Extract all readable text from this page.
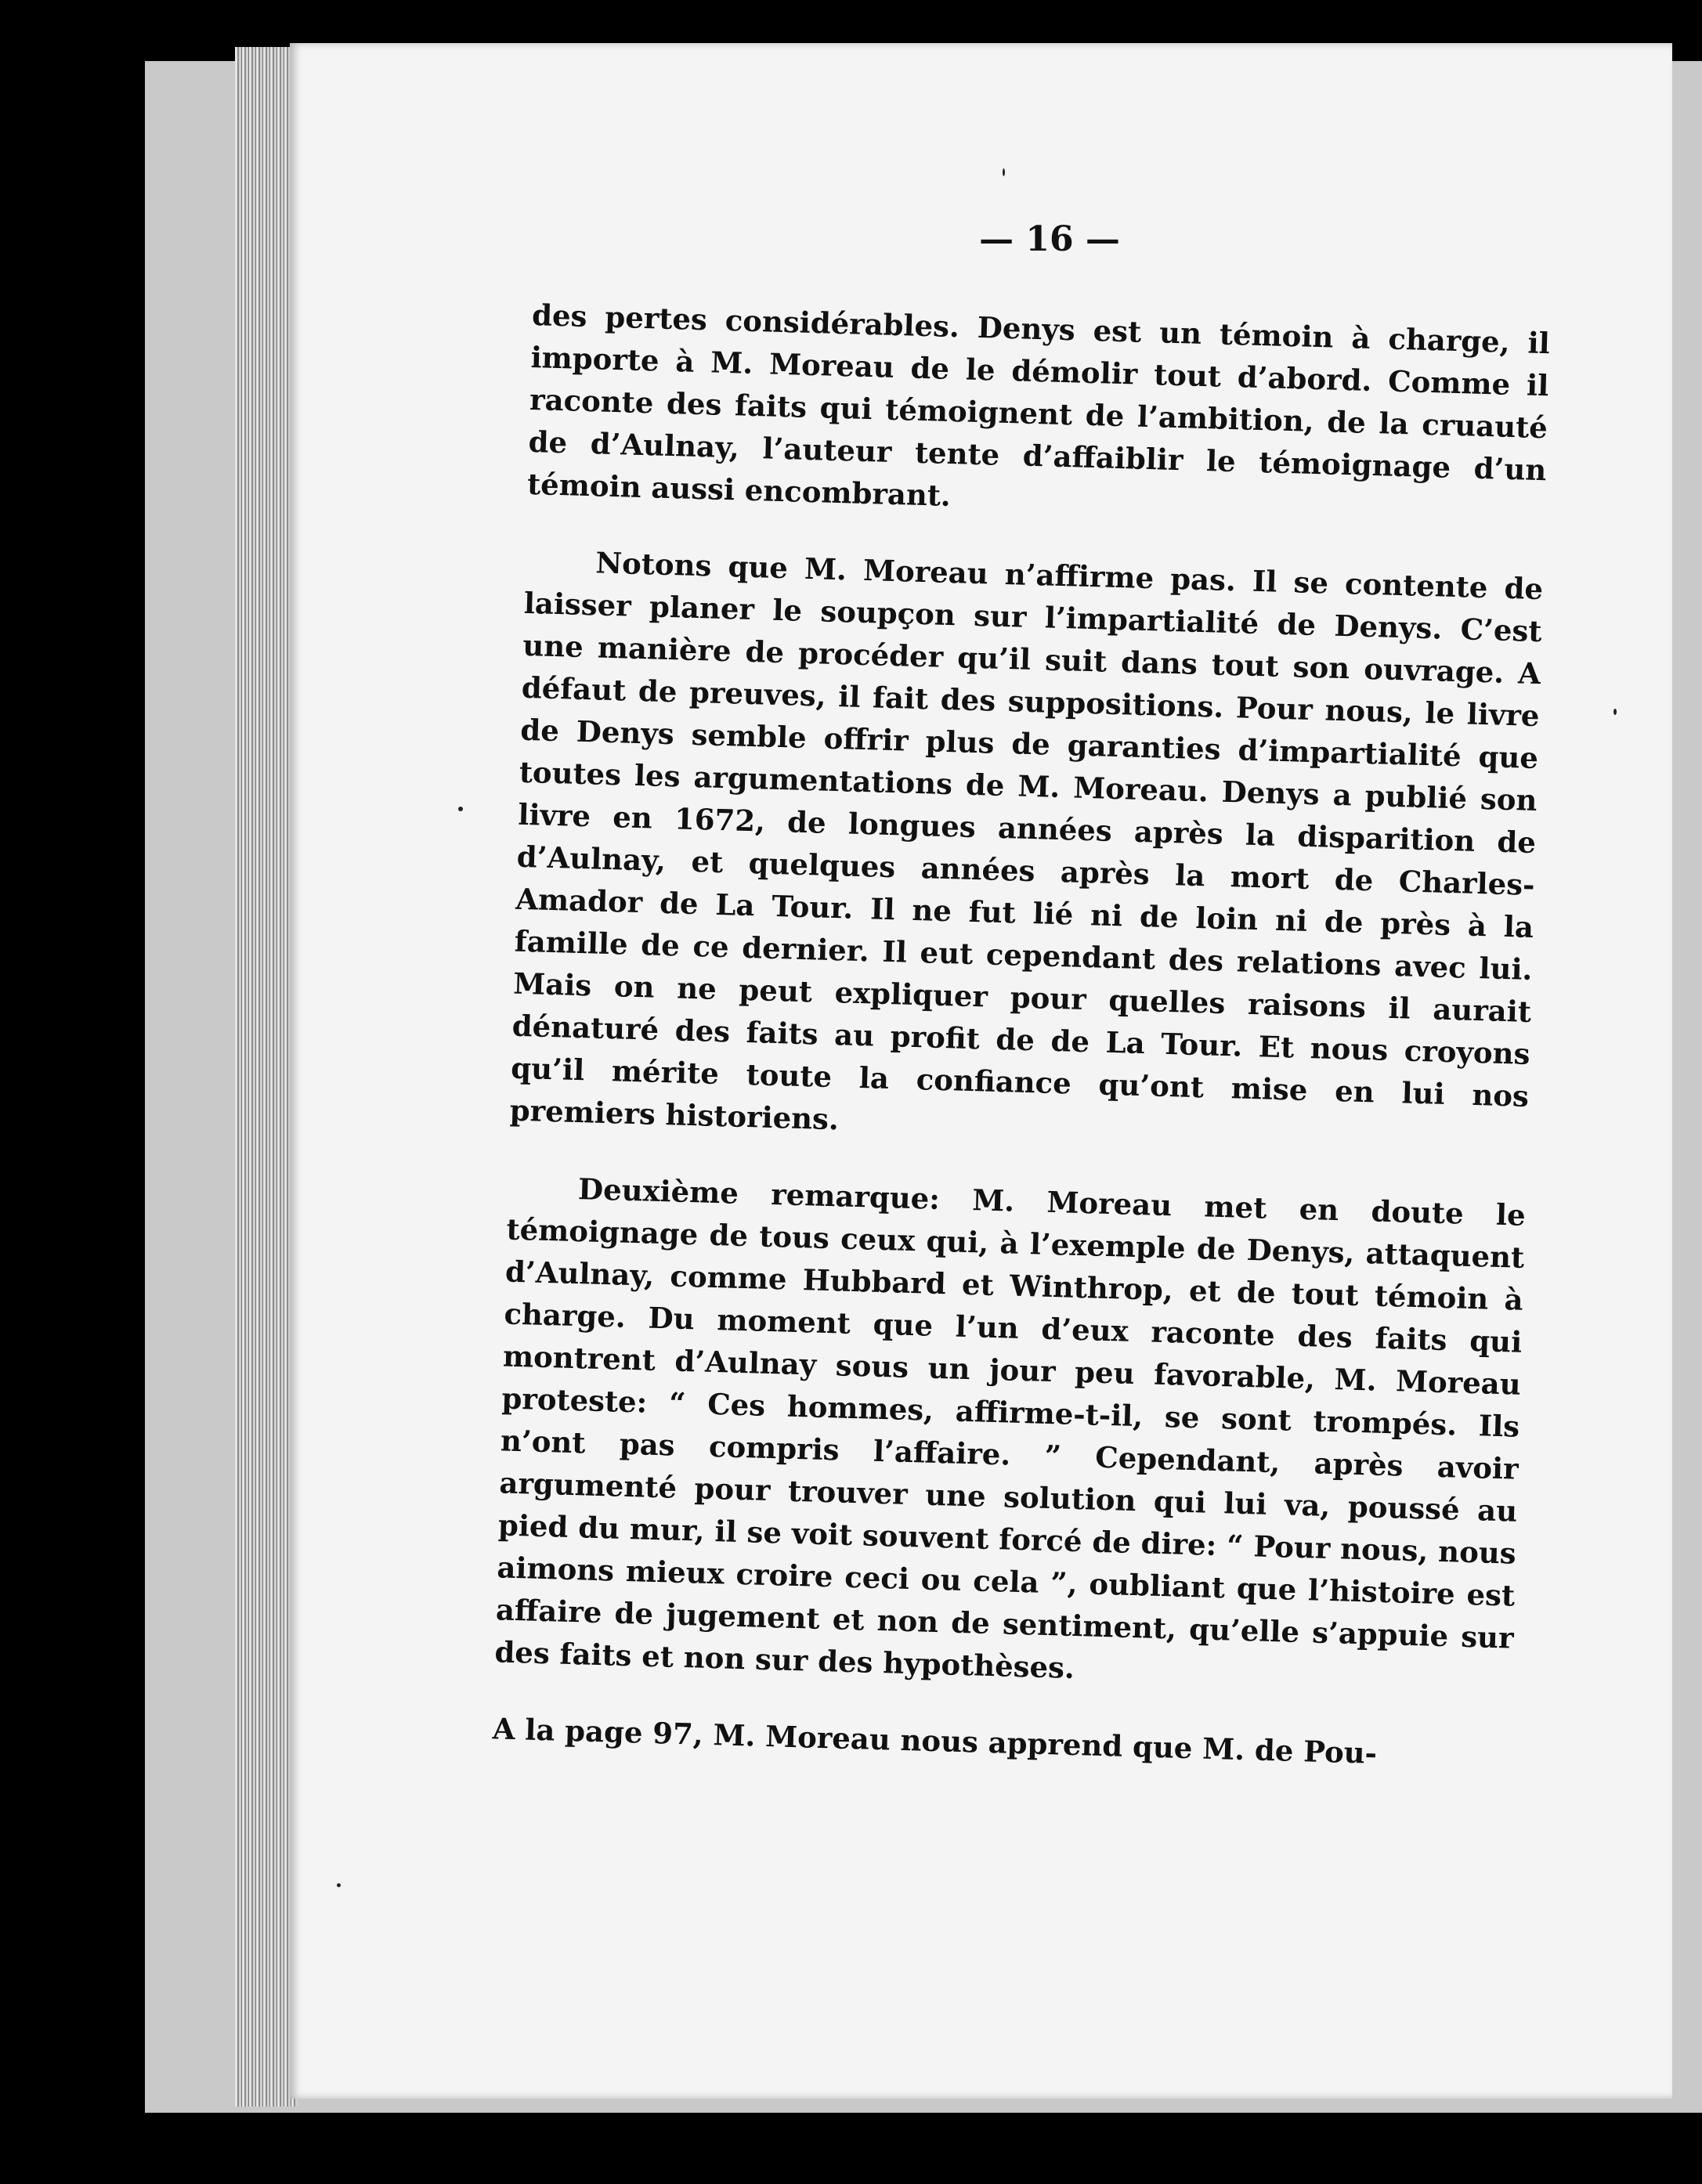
— 16 —

des pertes considérables. Denys est un témoin à charge, il importe à M. Moreau de le démolir tout d’abord. Comme il raconte des faits qui témoignent de l’ambition, de la cruauté de d’Aulnay, l’auteur tente d’affaiblir le témoignage d’un témoin aussi encombrant.

Notons que M. Moreau n’affirme pas. Il se contente de laisser planer le soupçon sur l’impartialité de Denys. C’est une manière de procéder qu’il suit dans tout son ouvrage. A défaut de preuves, il fait des suppositions. Pour nous, le livre de Denys semble offrir plus de garanties d’impartialité que toutes les argumentations de M. Moreau. Denys a publié son livre en 1672, de longues années après la disparition de d’Aulnay, et quelques années après la mort de Charles-Amador de La Tour. Il ne fut lié ni de loin ni de près à la famille de ce dernier. Il eut cependant des relations avec lui. Mais on ne peut expliquer pour quelles raisons il aurait dénaturé des faits au profit de de La Tour. Et nous croyons qu’il mérite toute la confiance qu’ont mise en lui nos premiers historiens.

Deuxième remarque: M. Moreau met en doute le témoignage de tous ceux qui, à l’exemple de Denys, attaquent d’Aulnay, comme Hubbard et Winthrop, et de tout témoin à charge. Du moment que l’un d’eux raconte des faits qui montrent d’Aulnay sous un jour peu favorable, M. Moreau proteste: “ Ces hommes, affirme-t-il, se sont trompés. Ils n’ont pas compris l’affaire. ” Cependant, après avoir argumenté pour trouver une solution qui lui va, poussé au pied du mur, il se voit souvent forcé de dire: “ Pour nous, nous aimons mieux croire ceci ou cela ”, oubliant que l’histoire est affaire de jugement et non de sentiment, qu’elle s’appuie sur des faits et non sur des hypothèses.

A la page 97, M. Moreau nous apprend que M. de Pou-
